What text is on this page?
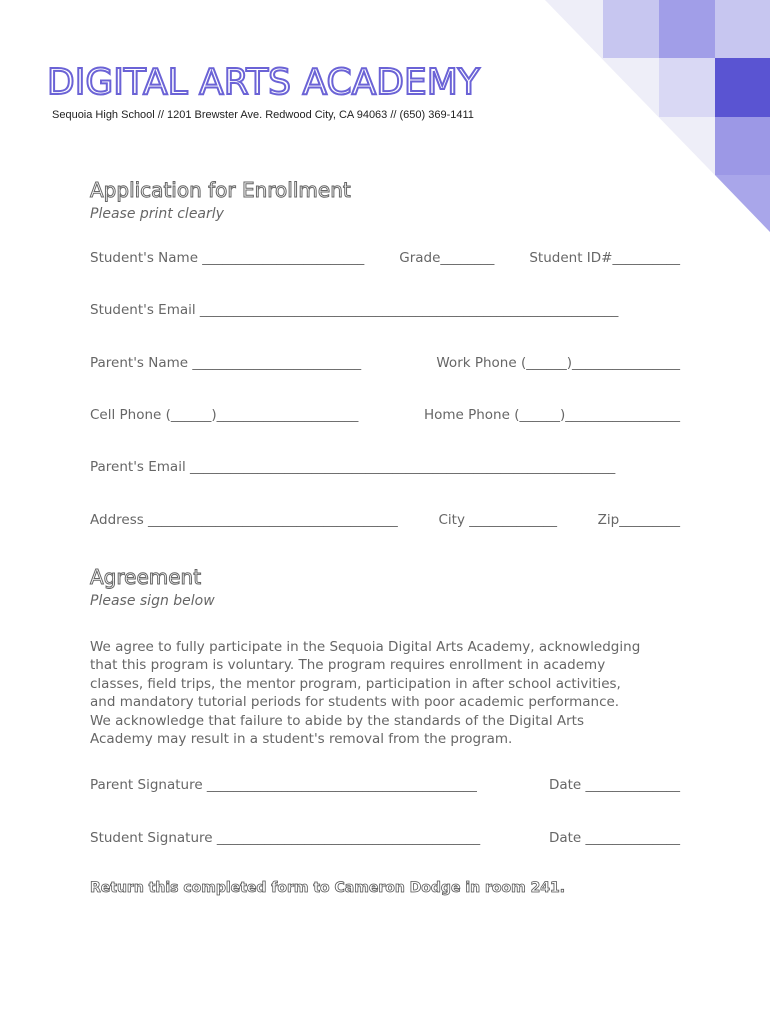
DIGITAL ARTS ACADEMY
Sequoia High School // 1201 Brewster Ave. Redwood City, CA 94063 // (650) 369-1411
Application for Enrollment
Please print clearly
Student's Name ________________________	Grade________	Student ID#__________
Student's Email ______________________________________________________________
Parent's Name _________________________	Work Phone (______)________________
Cell Phone (______)_____________________	Home Phone (______)_________________
Parent's Email _______________________________________________________________
Address _____________________________________	City _____________	Zip_________
Agreement
Please sign below
We agree to fully participate in the Sequoia Digital Arts Academy, acknowledging
that this program is voluntary. The program requires enrollment in academy
classes, field trips, the mentor program, participation in after school activities,
and mandatory tutorial periods for students with poor academic performance.
We acknowledge that failure to abide by the standards of the Digital Arts
Academy may result in a student's removal from the program.
Parent Signature ________________________________________	Date ______________
Student Signature _______________________________________	Date ______________
Return this completed form to Cameron Dodge in room 241.
